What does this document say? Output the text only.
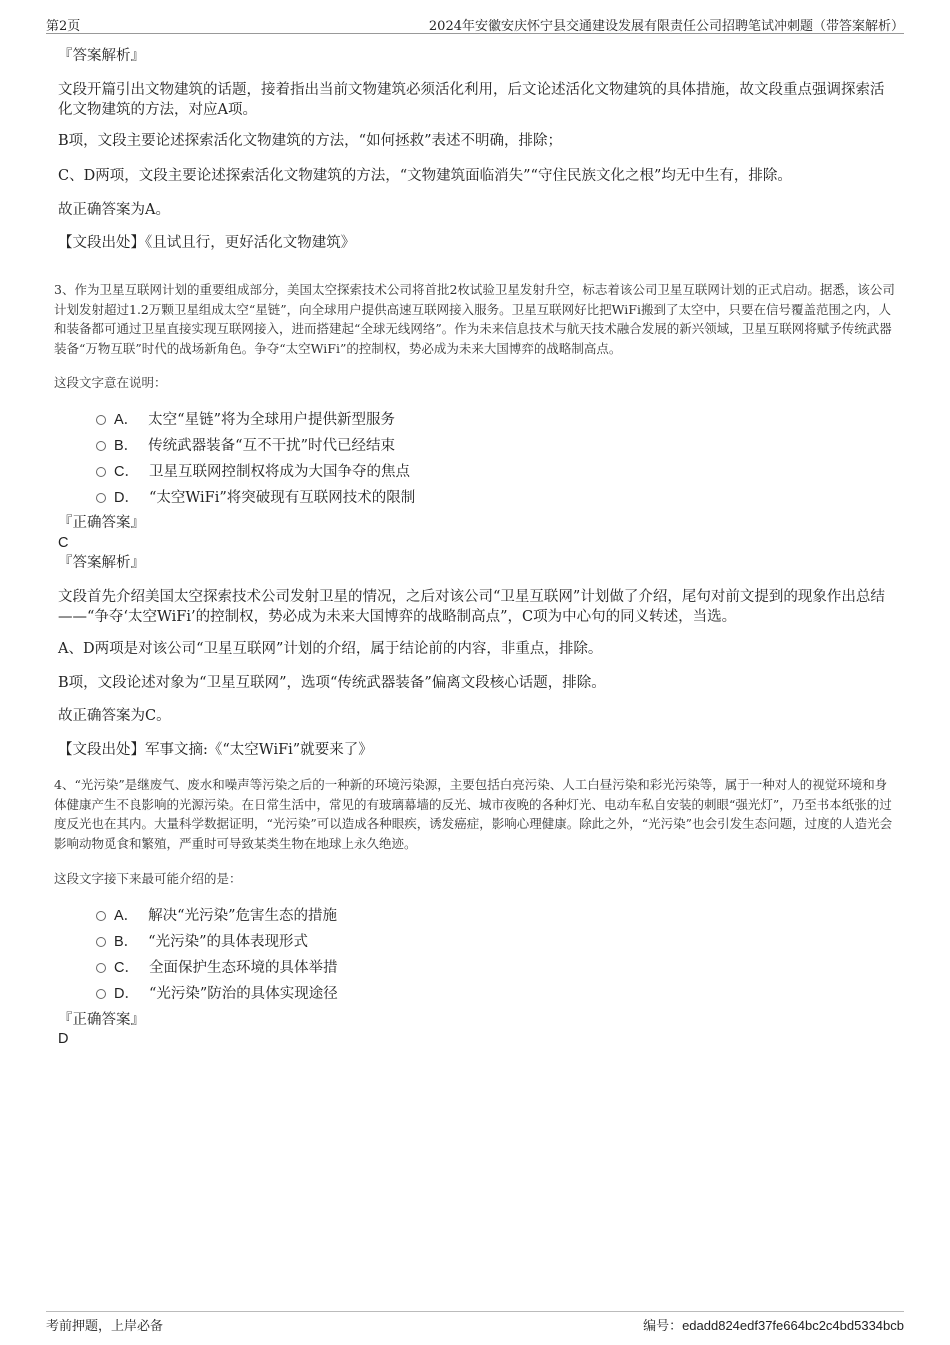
第2页	2024年安徽安庆怀宁县交通建设发展有限责任公司招聘笔试冲刺题（带答案解析）
『答案解析』
文段开篇引出文物建筑的话题，接着指出当前文物建筑必须活化利用，后文论述活化文物建筑的具体措施，故文段重点强调探索活化文物建筑的方法，对应A项。
B项，文段主要论述探索活化文物建筑的方法，“如何拯救”表述不明确，排除；
C、D两项，文段主要论述探索活化文物建筑的方法，“文物建筑面临消失”“守住民族文化之根”均无中生有，排除。
故正确答案为A。
【文段出处】《且试且行，更好活化文物建筑》
3、作为卫星互联网计划的重要组成部分，美国太空探索技术公司将首批2枚试验卫星发射升空，标志着该公司卫星互联网计划的正式启动。据悉，该公司计划发射超过1.2万颗卫星组成太空“星链”，向全球用户提供高速互联网接入服务。卫星互联网好比把WiFi搬到了太空中，只要在信号覆盖范围之内，人和装备都可通过卫星直接实现互联网接入，进而搭建起“全球无线网络”。作为未来信息技术与航天技术融合发展的新兴领域，卫星互联网将赋予传统武器装备“万物互联”时代的战场新角色。争夺“太空WiFi”的控制权，势必成为未来大国博弈的战略制高点。
这段文字意在说明：
A． 太空“星链”将为全球用户提供新型服务
B． 传统武器装备“互不干扰”时代已经结束
C． 卫星互联网控制权将成为大国争夺的焦点
D． “太空WiFi”将突破现有互联网技术的限制
『正确答案』
C
『答案解析』
文段首先介绍美国太空探索技术公司发射卫星的情况，之后对该公司“卫星互联网”计划做了介绍，尾句对前文提到的现象作出总结——“争夺‘太空WiFi’的控制权，势必成为未来大国博弈的战略制高点”，C项为中心句的同义转述，当选。
A、D两项是对该公司“卫星互联网”计划的介绍，属于结论前的内容，非重点，排除。
B项，文段论述对象为“卫星互联网”，选项“传统武器装备”偏离文段核心话题，排除。
故正确答案为C。
【文段出处】军事文摘:《“太空WiFi”就要来了》
4、“光污染”是继废气、废水和噪声等污染之后的一种新的环境污染源，主要包括白亮污染、人工白昼污染和彩光污染等，属于一种对人的视觉环境和身体健康产生不良影响的光源污染。在日常生活中，常见的有玻璃幕墙的反光、城市夜晚的各种灯光、电动车私自安装的刺眼“强光灯”，乃至书本纸张的过度反光也在其内。大量科学数据证明，“光污染”可以造成各种眼疾，诱发癌症，影响心理健康。除此之外，“光污染”也会引发生态问题，过度的人造光会影响动物觅食和繁殖，严重时可导致某类生物在地球上永久绝迹。
这段文字接下来最可能介绍的是：
A． 解决“光污染”危害生态的措施
B． “光污染”的具体表现形式
C． 全面保护生态环境的具体举措
D． “光污染”防治的具体实现途径
『正确答案』
D
考前押题，上岸必备	编号：edadd824edf37fe664bc2c4bd5334bcb
